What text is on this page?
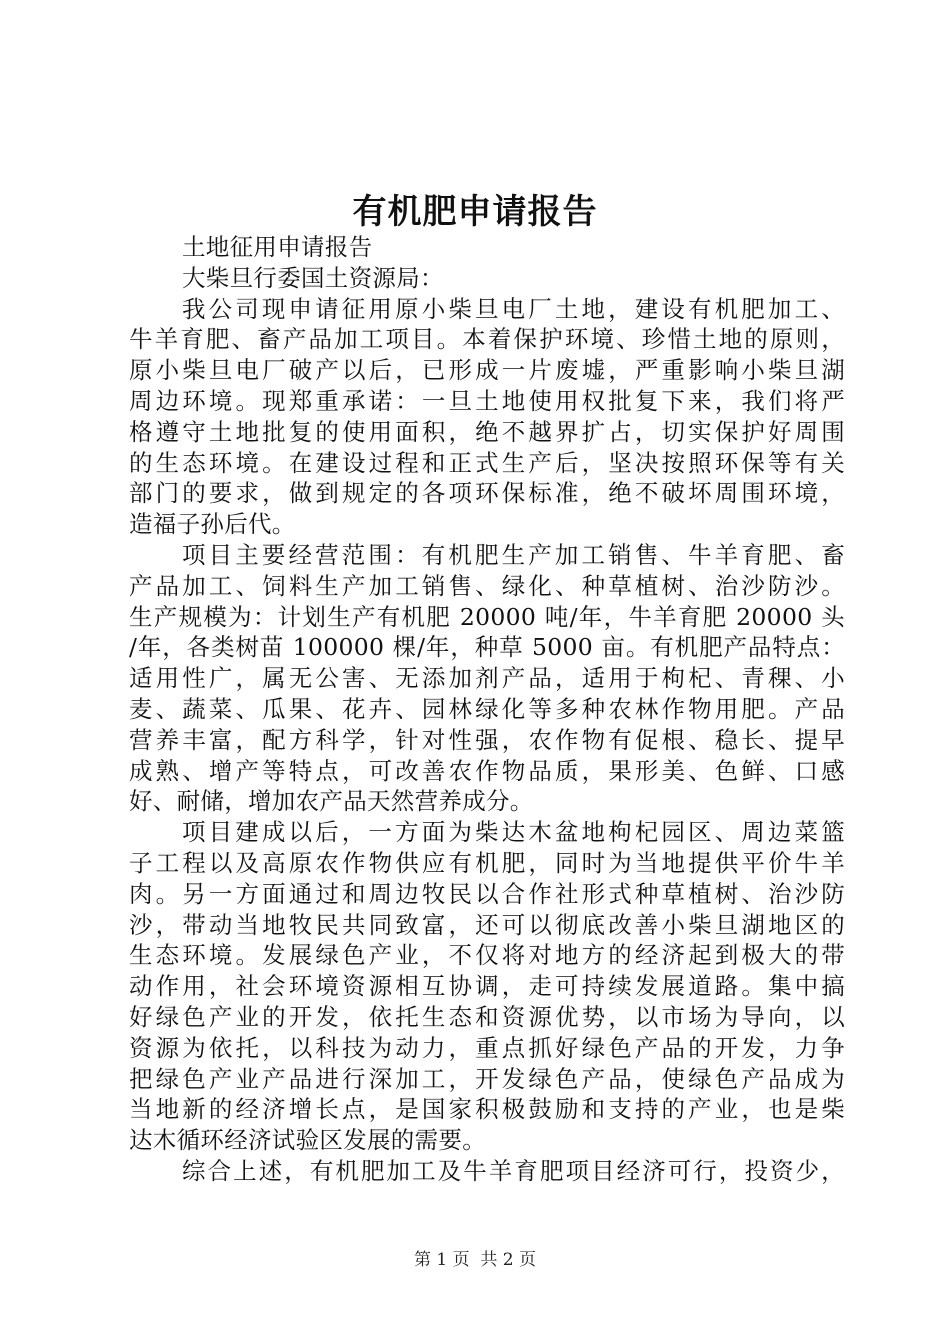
有机肥申请报告
土地征用申请报告
大柴旦行委国土资源局：
我公司现申请征用原小柴旦电厂土地，建设有机肥加工、
牛羊育肥、畜产品加工项目。本着保护环境、珍惜土地的原则，
原小柴旦电厂破产以后，已形成一片废墟，严重影响小柴旦湖
周边环境。现郑重承诺：一旦土地使用权批复下来，我们将严
格遵守土地批复的使用面积，绝不越界扩占，切实保护好周围
的生态环境。在建设过程和正式生产后，坚决按照环保等有关
部门的要求，做到规定的各项环保标准，绝不破坏周围环境，
造福子孙后代。
项目主要经营范围：有机肥生产加工销售、牛羊育肥、畜
产品加工、饲料生产加工销售、绿化、种草植树、治沙防沙。
生产规模为：计划生产有机肥 20000 吨/年，牛羊育肥 20000 头
/年，各类树苗 100000 棵/年，种草 5000 亩。有机肥产品特点：
适用性广，属无公害、无添加剂产品，适用于枸杞、青稞、小
麦、蔬菜、瓜果、花卉、园林绿化等多种农林作物用肥。产品
营养丰富，配方科学，针对性强，农作物有促根、稳长、提早
成熟、增产等特点，可改善农作物品质，果形美、色鲜、口感
好、耐储，增加农产品天然营养成分。
项目建成以后，一方面为柴达木盆地枸杞园区、周边菜篮
子工程以及高原农作物供应有机肥，同时为当地提供平价牛羊
肉。另一方面通过和周边牧民以合作社形式种草植树、治沙防
沙，带动当地牧民共同致富，还可以彻底改善小柴旦湖地区的
生态环境。发展绿色产业，不仅将对地方的经济起到极大的带
动作用，社会环境资源相互协调，走可持续发展道路。集中搞
好绿色产业的开发，依托生态和资源优势，以市场为导向，以
资源为依托，以科技为动力，重点抓好绿色产品的开发，力争
把绿色产业产品进行深加工，开发绿色产品，使绿色产品成为
当地新的经济增长点，是国家积极鼓励和支持的产业，也是柴
达木循环经济试验区发展的需要。
综合上述，有机肥加工及牛羊育肥项目经济可行，投资少，
第 1 页  共 2 页
